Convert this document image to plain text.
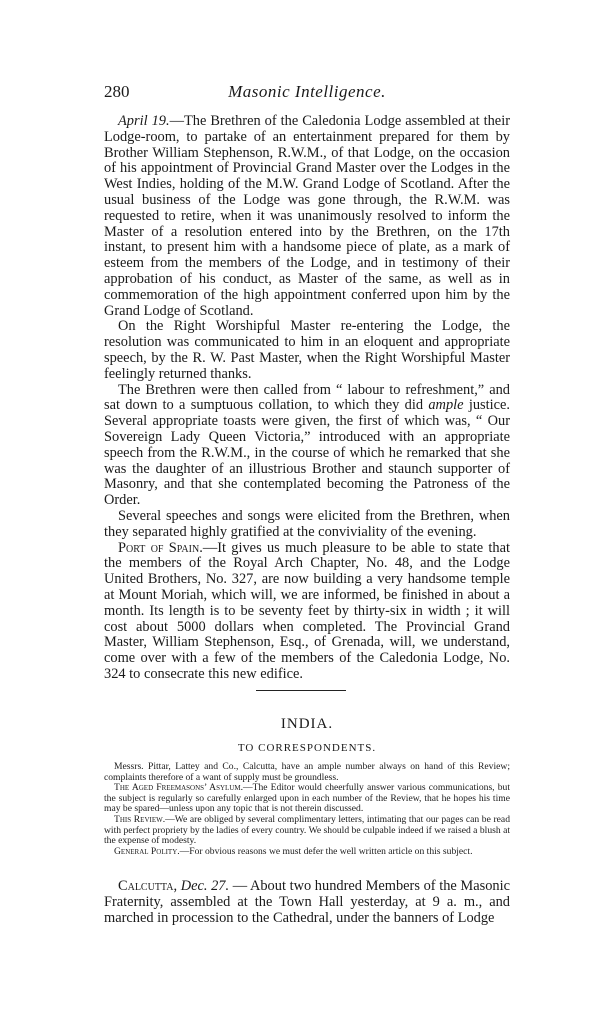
280	Masonic Intelligence.

April 19.—The Brethren of the Caledonia Lodge assembled at their Lodge-room, to partake of an entertainment prepared for them by Brother William Stephenson, R.W.M., of that Lodge, on the occasion of his appointment of Provincial Grand Master over the Lodges in the West Indies, holding of the M.W. Grand Lodge of Scotland. After the usual business of the Lodge was gone through, the R.W.M. was requested to retire, when it was unanimously resolved to inform the Master of a resolution entered into by the Brethren, on the 17th instant, to present him with a handsome piece of plate, as a mark of esteem from the members of the Lodge, and in testimony of their approbation of his conduct, as Master of the same, as well as in commemoration of the high appointment conferred upon him by the Grand Lodge of Scotland.

On the Right Worshipful Master re-entering the Lodge, the resolution was communicated to him in an eloquent and appropriate speech, by the R. W. Past Master, when the Right Worshipful Master feelingly returned thanks.

The Brethren were then called from “ labour to refreshment,” and sat down to a sumptuous collation, to which they did ample justice. Several appropriate toasts were given, the first of which was, “ Our Sovereign Lady Queen Victoria,” introduced with an appropriate speech from the R.W.M., in the course of which he remarked that she was the daughter of an illustrious Brother and staunch supporter of Masonry, and that she contemplated becoming the Patroness of the Order.

Several speeches and songs were elicited from the Brethren, when they separated highly gratified at the conviviality of the evening.

Port of Spain.—It gives us much pleasure to be able to state that the members of the Royal Arch Chapter, No. 48, and the Lodge United Brothers, No. 327, are now building a very handsome temple at Mount Moriah, which will, we are informed, be finished in about a month. Its length is to be seventy feet by thirty-six in width ; it will cost about 5000 dollars when completed. The Provincial Grand Master, William Stephenson, Esq., of Grenada, will, we understand, come over with a few of the members of the Caledonia Lodge, No. 324 to consecrate this new edifice.

INDIA.
TO CORRESPONDENTS.

Messrs. Pittar, Lattey and Co., Calcutta, have an ample number always on hand of this Review; complaints therefore of a want of supply must be groundless.

The Aged Freemasons’ Asylum.—The Editor would cheerfully answer various communications, but the subject is regularly so carefully enlarged upon in each number of the Review, that he hopes his time may be spared—unless upon any topic that is not therein discussed.

This Review.—We are obliged by several complimentary letters, intimating that our pages can be read with perfect propriety by the ladies of every country. We should be culpable indeed if we raised a blush at the expense of modesty.

General Polity.—For obvious reasons we must defer the well written article on this subject.

Calcutta, Dec. 27. — About two hundred Members of the Masonic Fraternity, assembled at the Town Hall yesterday, at 9 a. m., and marched in procession to the Cathedral, under the banners of Lodge
